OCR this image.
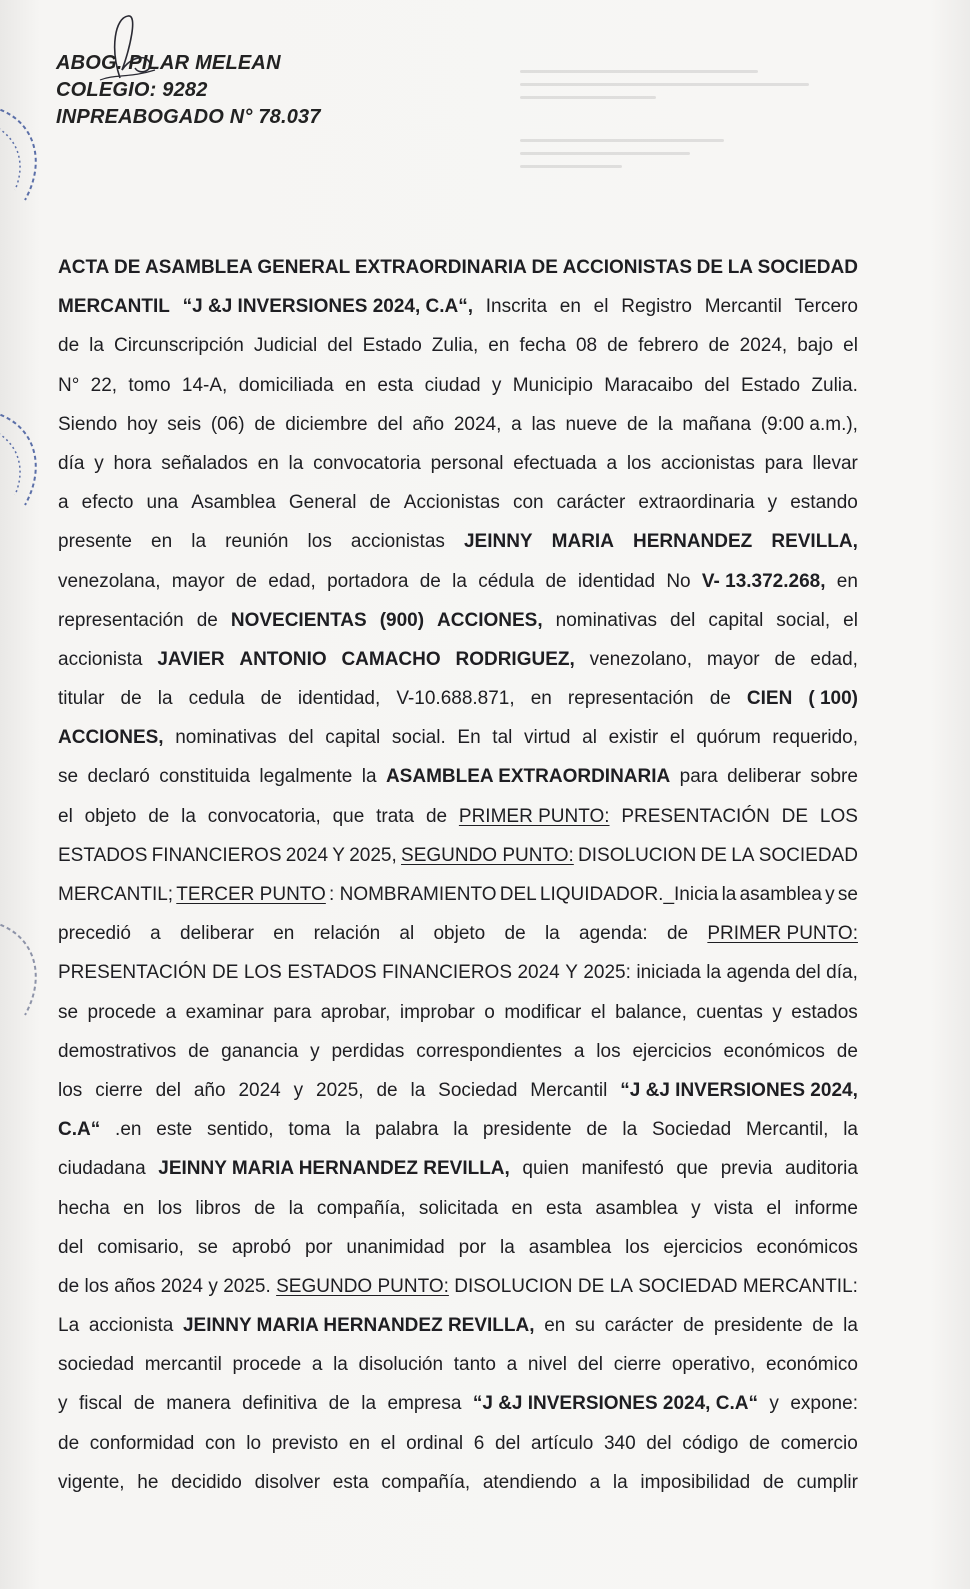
ABOG. PILAR MELEAN
COLEGIO: 9282
INPREABOGADO N° 78.037
ACTA DE ASAMBLEA GENERAL EXTRAORDINARIA DE ACCIONISTAS DE LA SOCIEDAD
MERCANTIL “J &J INVERSIONES 2024, C.A“, Inscrita en el Registro Mercantil Tercero
de la Circunscripción Judicial del Estado Zulia, en fecha 08 de febrero de 2024, bajo el
N° 22, tomo 14-A, domiciliada en esta ciudad y Municipio Maracaibo del Estado Zulia.
Siendo hoy seis (06) de diciembre del año 2024, a las nueve de la mañana (9:00 a.m.),
día y hora señalados en la convocatoria personal efectuada a los accionistas para llevar
a efecto una Asamblea General de Accionistas con carácter extraordinaria y estando
presente en la reunión los accionistas JEINNY MARIA HERNANDEZ REVILLA,
venezolana, mayor de edad, portadora de la cédula de identidad No V- 13.372.268, en
representación de NOVECIENTAS (900) ACCIONES, nominativas del capital social, el
accionista JAVIER ANTONIO CAMACHO RODRIGUEZ, venezolano, mayor de edad,
titular de la cedula de identidad, V-10.688.871, en representación de CIEN ( 100)
ACCIONES, nominativas del capital social. En tal virtud al existir el quórum requerido,
se declaró constituida legalmente la ASAMBLEA EXTRAORDINARIA para deliberar sobre
el objeto de la convocatoria, que trata de PRIMER PUNTO: PRESENTACIÓN DE LOS
ESTADOS FINANCIEROS 2024 Y 2025, SEGUNDO PUNTO: DISOLUCION DE LA SOCIEDAD
MERCANTIL; TERCER PUNTO : NOMBRAMIENTO DEL LIQUIDADOR._Inicia la asamblea y se
precedió a deliberar en relación al objeto de la agenda: de PRIMER PUNTO:
PRESENTACIÓN DE LOS ESTADOS FINANCIEROS 2024 Y 2025: iniciada la agenda del día,
se procede a examinar para aprobar, improbar o modificar el balance, cuentas y estados
demostrativos de ganancia y perdidas correspondientes a los ejercicios económicos de
los cierre del año 2024 y 2025, de la Sociedad Mercantil “J &J INVERSIONES 2024,
C.A“ .en este sentido, toma la palabra la presidente de la Sociedad Mercantil, la
ciudadana JEINNY MARIA HERNANDEZ REVILLA, quien manifestó que previa auditoria
hecha en los libros de la compañía, solicitada en esta asamblea y vista el informe
del comisario, se aprobó por unanimidad por la asamblea los ejercicios económicos
de los años 2024 y 2025. SEGUNDO PUNTO: DISOLUCION DE LA SOCIEDAD MERCANTIL:
La accionista JEINNY MARIA HERNANDEZ REVILLA, en su carácter de presidente de la
sociedad mercantil procede a la disolución tanto a nivel del cierre operativo, económico
y fiscal de manera definitiva de la empresa “J &J INVERSIONES 2024, C.A“ y expone:
de conformidad con lo previsto en el ordinal 6 del artículo 340 del código de comercio
vigente, he decidido disolver esta compañía, atendiendo a la imposibilidad de cumplir
